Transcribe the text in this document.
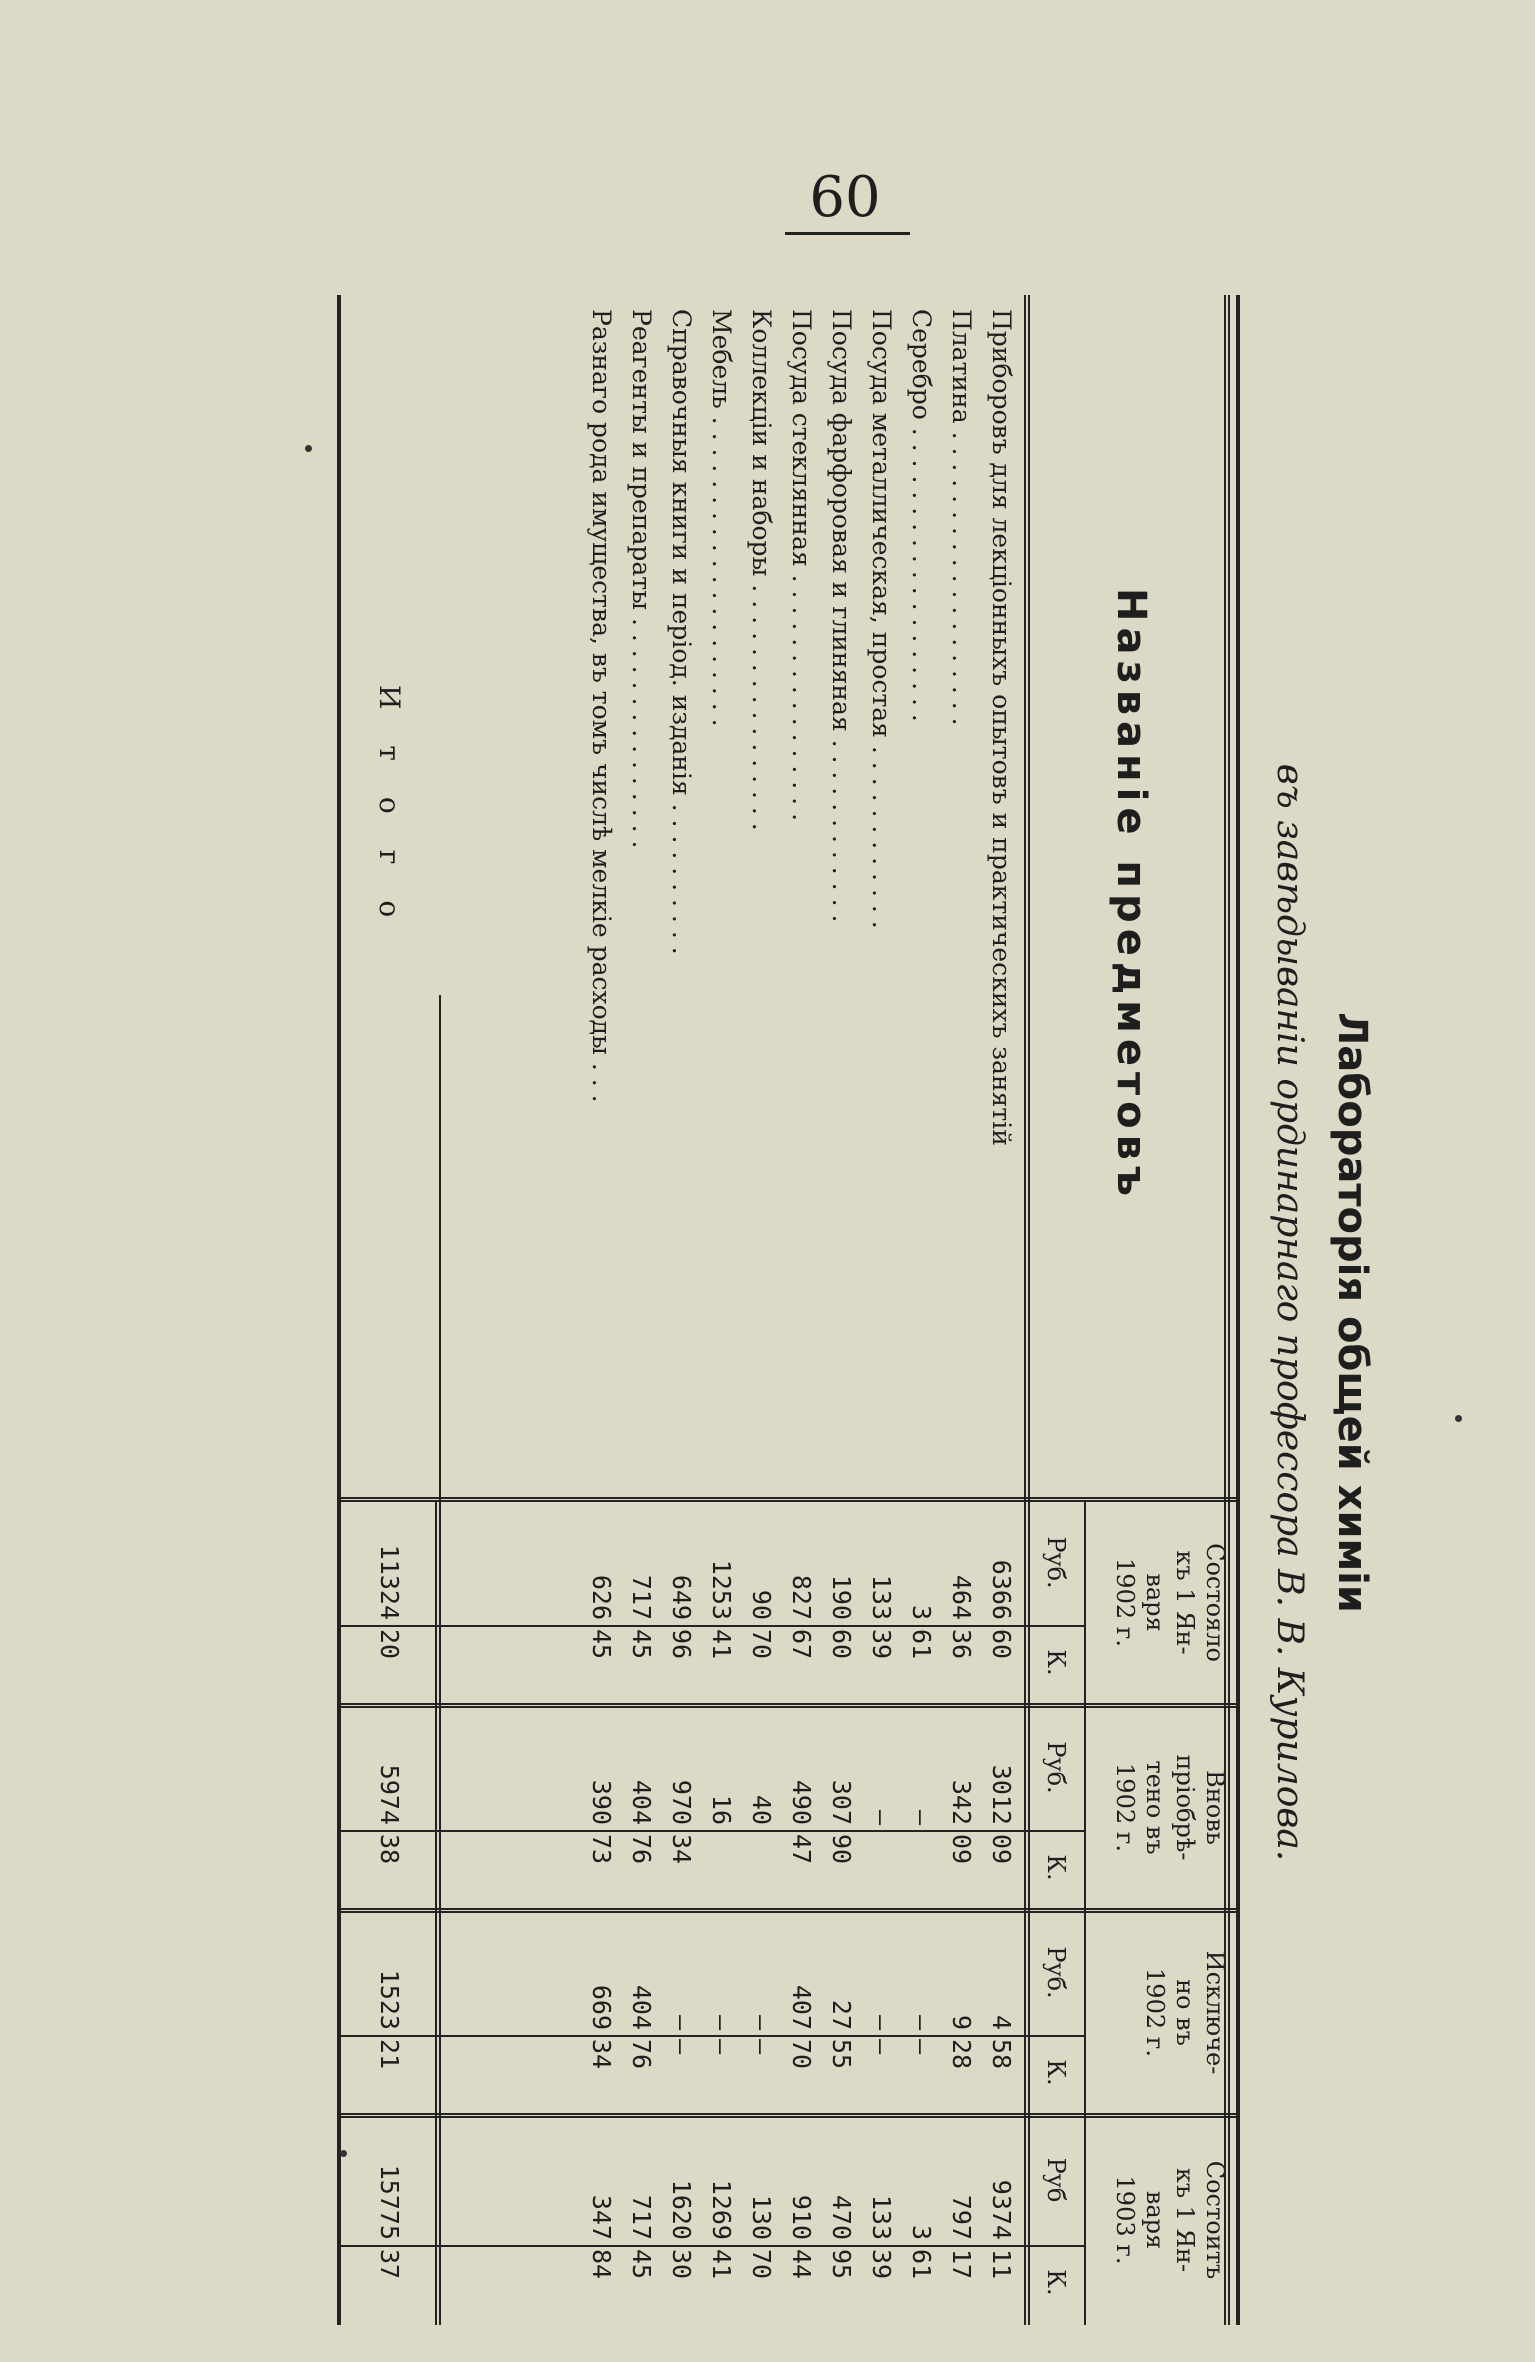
60
Лабораторія общей химіи
въ завѣдываніи ординарнаго профессора В. В. Курилова.
Названіе предметовъ
Состояло
къ 1 Ян-
варя
1902 г.
Вновь
пріобрѣ-
тено въ
1902 г.
Исключе-
но въ
1902 г.
Состоитъ
къ 1 Ян-
варя
1903 г.
Руб.
К.
Руб.
К.
Руб.
К.
Руб
К.
Приборовъ для лекціонныхъ опытовъ и практическихъ занятій
6366
60
3012
09
4
58
9374
11
Платина . . . . . . . . . . . . . . . . . . .
464
36
342
09
9
28
797
17
Серебро . . . . . . . . . . . . . . . . . . .
3
61
—
—
—
3
61
Посуда металлическая, простая . . . . . . . . . . . .
133
39
—
—
—
133
39
Посуда фарфоровая и глиняная . . . . . . . . . . . .
190
60
307
90
27
55
470
95
Посуда стеклянная . . . . . . . . . . . . . . . .
827
67
490
47
407
70
910
44
Коллекціи и наборы . . . . . . . . . . . . . . . .
90
70
40
—
—
130
70
Мебель . . . . . . . . . . . . . . . . . . . .
1253
41
16
—
—
1269
41
Справочныя книги и період. изданія . . . . . . . . . .
649
96
970
34
—
—
1620
30
Реагенты и препараты . . . . . . . . . . . . . . .
717
45
404
76
404
76
717
45
Разнаго рода имущества, въ томъ числѣ мелкіе расходы . . .
626
45
390
73
669
34
347
84
Итого
11324
20
5974
38
1523
21
15775
37
